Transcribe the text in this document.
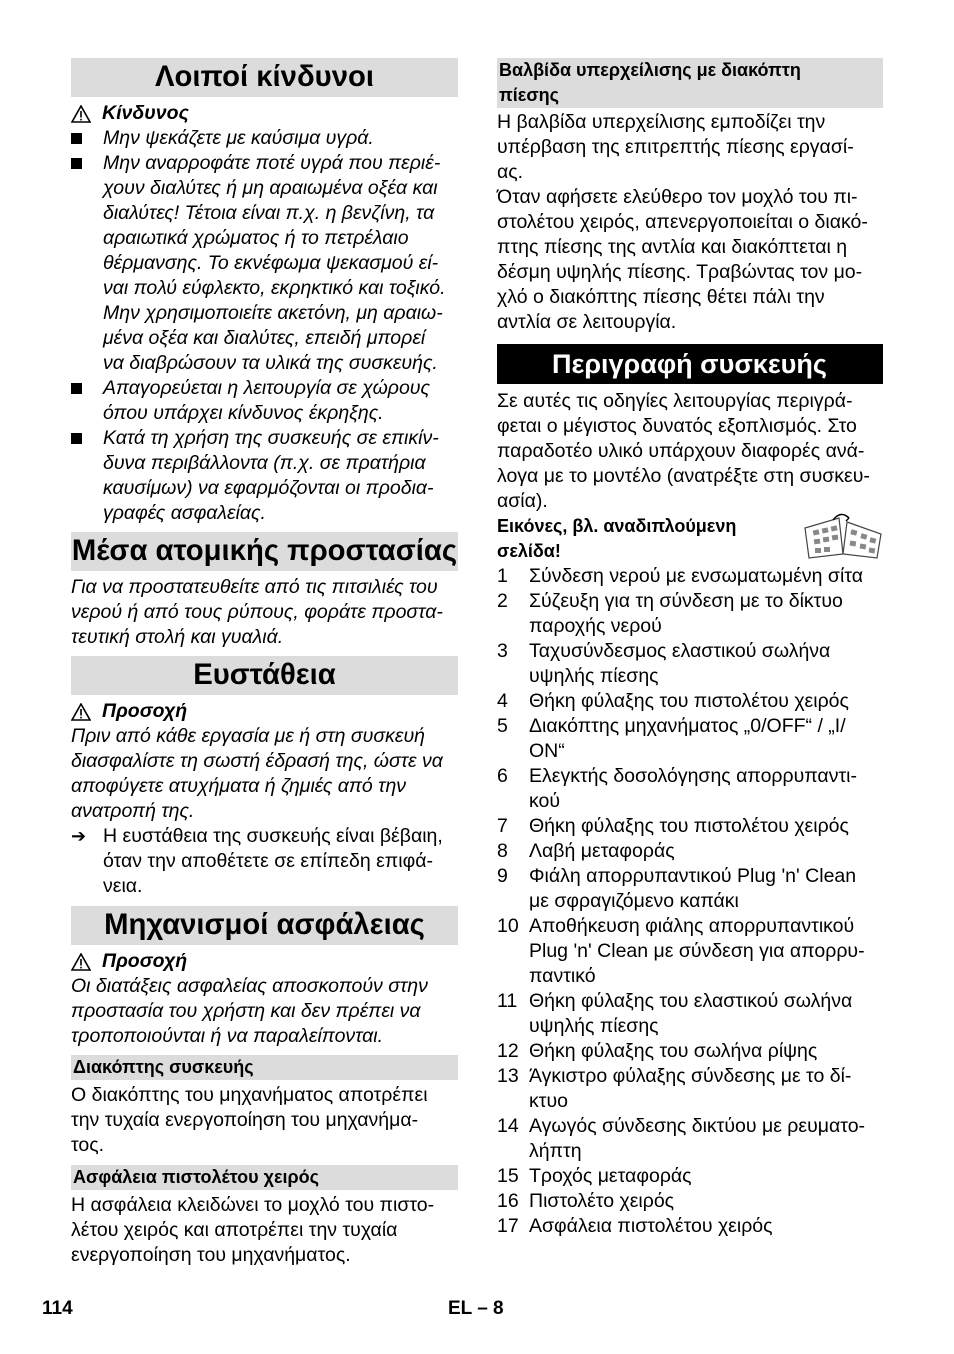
Λοιποί κίνδυνοι
Κίνδυνος
Μην ψεκάζετε με καύσιμα υγρά.
Μην αναρροφάτε ποτέ υγρά που περιέ-
χουν διαλύτες ή μη αραιωμένα οξέα και
διαλύτες! Τέτοια είναι π.χ. η βενζίνη, τα
αραιωτικά χρώματος ή το πετρέλαιο
θέρμανσης. Το εκνέφωμα ψεκασμού εί-
ναι πολύ εύφλεκτο, εκρηκτικό και τοξικό.
Μην χρησιμοποιείτε ακετόνη, μη αραιω-
μένα οξέα και διαλύτες, επειδή μπορεί
να διαβρώσουν τα υλικά της συσκευής.
Απαγορεύεται η λειτουργία σε χώρους
όπου υπάρχει κίνδυνος έκρηξης.
Κατά τη χρήση της συσκευής σε επικίν-
δυνα περιβάλλοντα (π.χ. σε πρατήρια
καυσίμων) να εφαρμόζονται οι προδια-
γραφές ασφαλείας.
Μέσα ατομικής προστασίας
Για να προστατευθείτε από τις πιτσιλιές του
νερού ή από τους ρύπους, φοράτε προστα-
τευτική στολή και γυαλιά.
Ευστάθεια
Προσοχή
Πριν από κάθε εργασία με ή στη συσκευή
διασφαλίστε τη σωστή έδρασή της, ώστε να
αποφύγετε ατυχήματα ή ζημιές από την
ανατροπή της.
➔ Η ευστάθεια της συσκευής είναι βέβαιη,
όταν την αποθέτετε σε επίπεδη επιφά-
νεια.
Μηχανισμοί ασφάλειας
Προσοχή
Οι διατάξεις ασφαλείας αποσκοπούν στην
προστασία του χρήστη και δεν πρέπει να
τροποποιούνται ή να παραλείπονται.
Διακόπτης συσκευής
Ο διακόπτης του μηχανήματος αποτρέπει
την τυχαία ενεργοποίηση του μηχανήμα-
τος.
Ασφάλεια πιστολέτου χειρός
Η ασφάλεια κλειδώνει το μοχλό του πιστο-
λέτου χειρός και αποτρέπει την τυχαία
ενεργοποίηση του μηχανήματος.
Βαλβίδα υπερχείλισης με διακόπτη
πίεσης
Η βαλβίδα υπερχείλισης εμποδίζει την
υπέρβαση της επιτρεπτής πίεσης εργασί-
ας.
Όταν αφήσετε ελεύθερο τον μοχλό του πι-
στολέτου χειρός, απενεργοποιείται ο διακό-
πτης πίεσης της αντλία και διακόπτεται η
δέσμη υψηλής πίεσης. Τραβώντας τον μο-
χλό ο διακόπτης πίεσης θέτει πάλι την
αντλία σε λειτουργία.
Περιγραφή συσκευής
Σε αυτές τις οδηγίες λειτουργίας περιγρά-
φεται ο μέγιστος δυνατός εξοπλισμός. Στο
παραδοτέο υλικό υπάρχουν διαφορές ανά-
λογα με το μοντέλο (ανατρέξτε στη συσκευ-
ασία).
Εικόνες, βλ. αναδιπλούμενη
σελίδα!
1	Σύνδεση νερού με ενσωματωμένη σίτα
2	Σύζευξη για τη σύνδεση με το δίκτυο
παροχής νερού
3	Ταχυσύνδεσμος ελαστικού σωλήνα
υψηλής πίεσης
4	Θήκη φύλαξης του πιστολέτου χειρός
5	Διακόπτης μηχανήματος „0/OFF“ / „I/
ON“
6	Ελεγκτής δοσολόγησης απορρυπαντι-
κού
7	Θήκη φύλαξης του πιστολέτου χειρός
8	Λαβή μεταφοράς
9	Φιάλη απορρυπαντικού Plug 'n' Clean
με σφραγιζόμενο καπάκι
10 Αποθήκευση φιάλης απορρυπαντικού
Plug 'n' Clean με σύνδεση για απορρυ-
παντικό
11 Θήκη φύλαξης του ελαστικού σωλήνα
υψηλής πίεσης
12 Θήκη φύλαξης του σωλήνα ρίψης
13 Άγκιστρο φύλαξης σύνδεσης με το δί-
κτυο
14 Αγωγός σύνδεσης δικτύου με ρευματο-
λήπτη
15 Τροχός μεταφοράς
16 Πιστολέτο χειρός
17 Ασφάλεια πιστολέτου χειρός
114	EL – 8
